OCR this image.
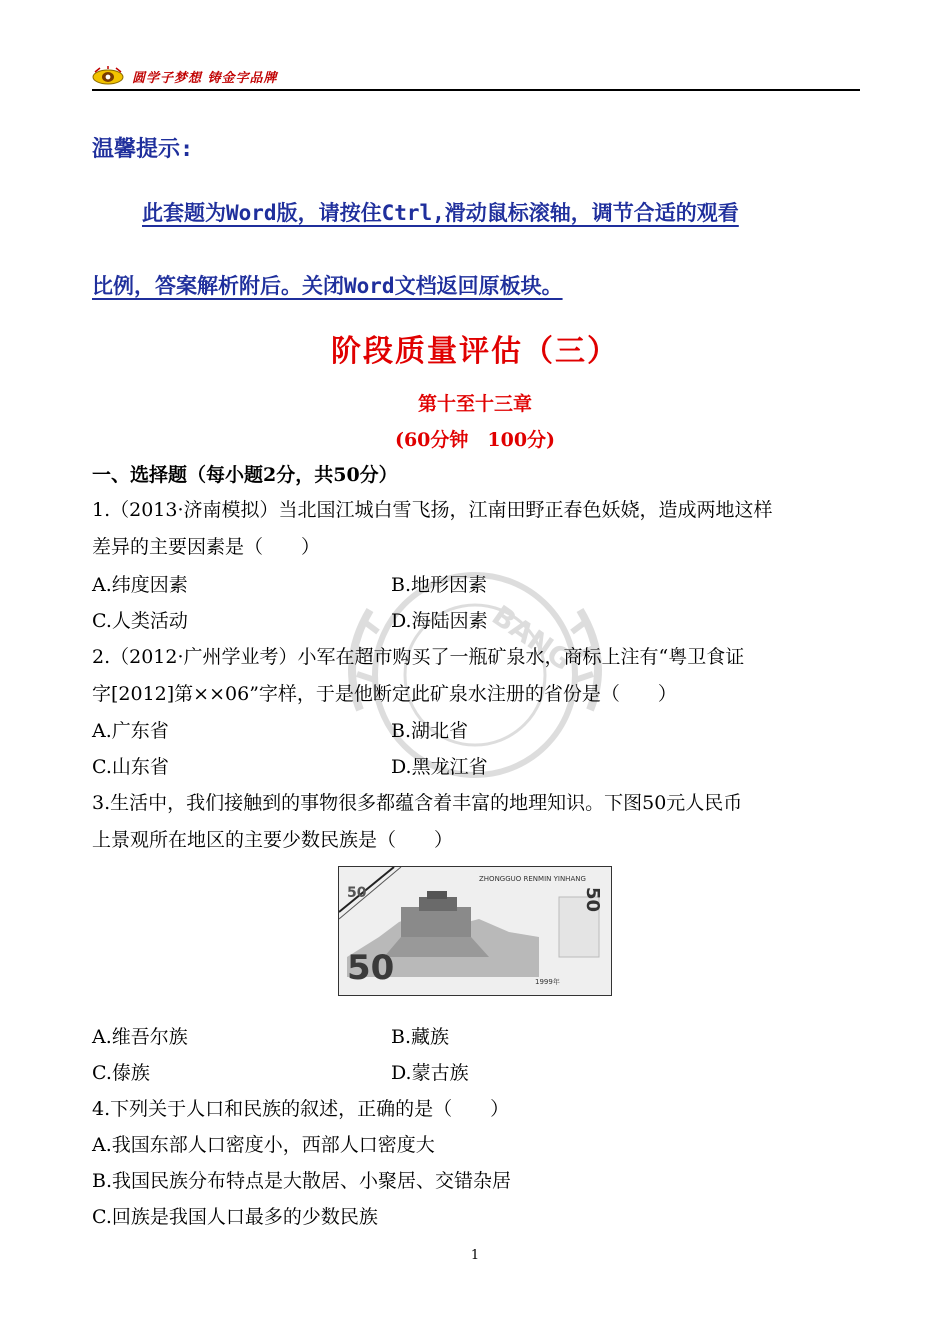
圆学子梦想 铸金字品牌
温馨提示:
此套题为Word版，请按住Ctrl,滑动鼠标滚轴，调节合适的观看
比例，答案解析附后。关闭Word文档返回原板块。
阶段质量评估（三）
第十至十三章
(60分钟　100分)
一、选择题（每小题2分，共50分）
BANG
1.（2013·济南模拟）当北国江城白雪飞扬，江南田野正春色妖娆，造成两地这样
差异的主要因素是（　　）
A.纬度因素	B.地形因素
C.人类活动	D.海陆因素
2.（2012·广州学业考）小军在超市购买了一瓶矿泉水，商标上注有“粤卫食证
字[2012]第××06”字样，于是他断定此矿泉水注册的省份是（　　）
A.广东省	B.湖北省
C.山东省	D.黑龙江省
3.生活中，我们接触到的事物很多都蕴含着丰富的地理知识。下图50元人民币
上景观所在地区的主要少数民族是（　　）
50
50
ZHONGGUO RENMIN YINHANG
50
1999年
A.维吾尔族	B.藏族
C.傣族	D.蒙古族
4.下列关于人口和民族的叙述，正确的是（　　）
A.我国东部人口密度小，西部人口密度大
B.我国民族分布特点是大散居、小聚居、交错杂居
C.回族是我国人口最多的少数民族
1
